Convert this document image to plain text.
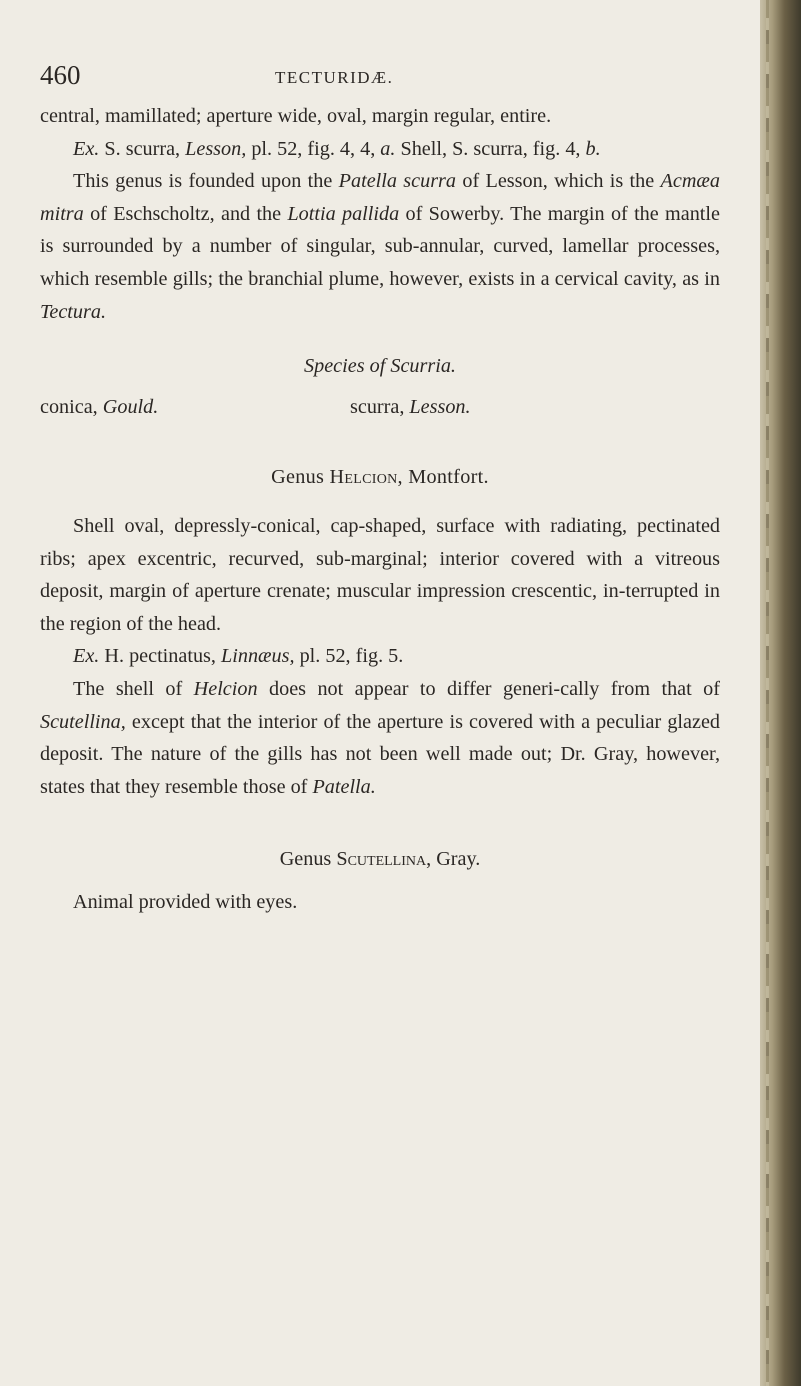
460	TECTURIDÆ.

central, mamillated; aperture wide, oval, margin regular, entire.

Ex. S. scurra, Lesson, pl. 52, fig. 4, 4, a. Shell, S. scurra, fig. 4, b.

This genus is founded upon the Patella scurra of Lesson, which is the Acmæa mitra of Eschscholtz, and the Lottia pallida of Sowerby. The margin of the mantle is surrounded by a number of singular, sub-annular, curved, lamellar processes, which resemble gills; the branchial plume, however, exists in a cervical cavity, as in Tectura.

Species of Scurria.

conica, Gould.	scurra, Lesson.

Genus Helcion, Montfort.

Shell oval, depressly-conical, cap-shaped, surface with radiating, pectinated ribs; apex excentric, recurved, sub-marginal; interior covered with a vitreous deposit, margin of aperture crenate; muscular impression crescentic, in-terrupted in the region of the head.

Ex. H. pectinatus, Linnæus, pl. 52, fig. 5.

The shell of Helcion does not appear to differ generi-cally from that of Scutellina, except that the interior of the aperture is covered with a peculiar glazed deposit. The nature of the gills has not been well made out; Dr. Gray, however, states that they resemble those of Patella.

Genus Scutellina, Gray.

Animal provided with eyes.
